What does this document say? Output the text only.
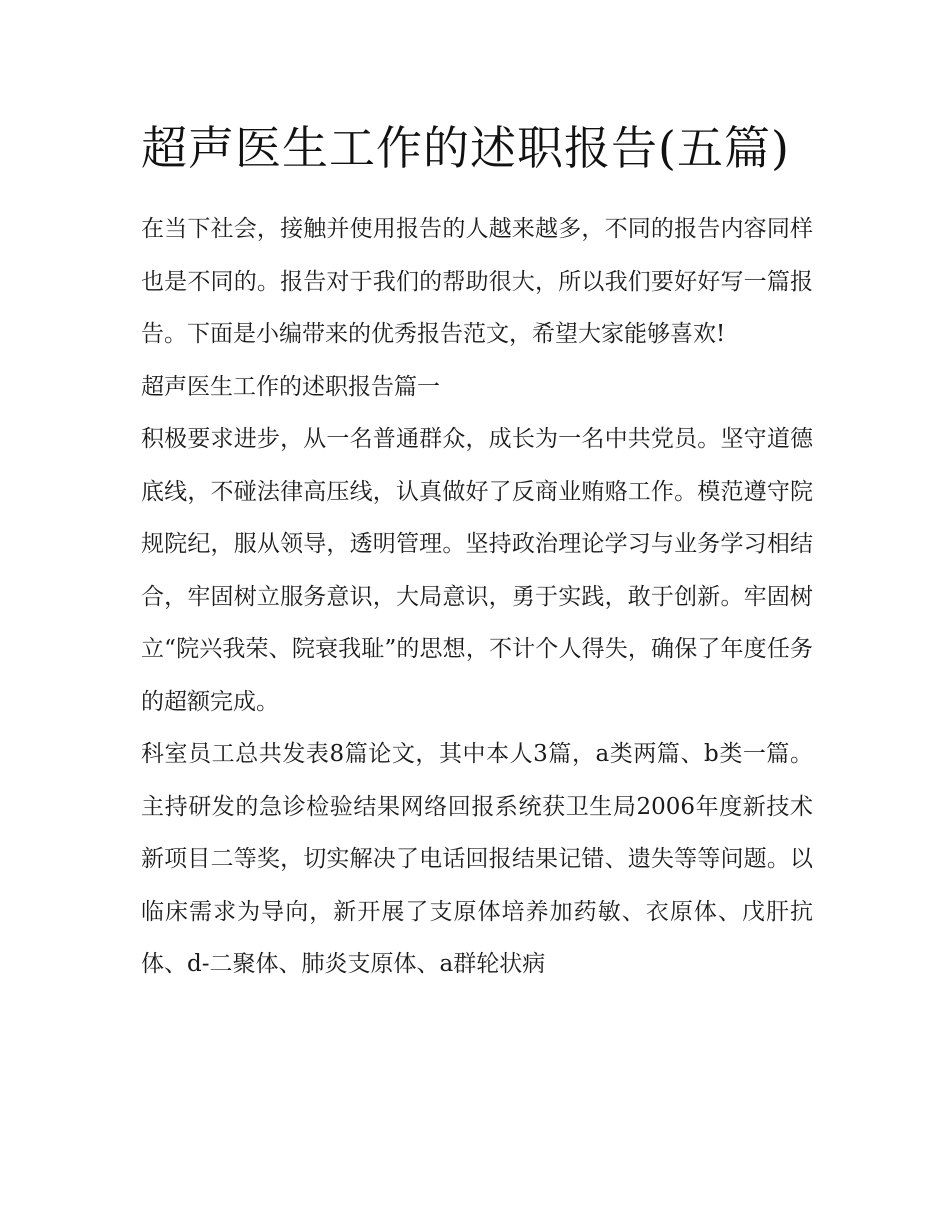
超声医生工作的述职报告(五篇)

在当下社会，接触并使用报告的人越来越多，不同的报告内容同样也是不同的。报告对于我们的帮助很大，所以我们要好好写一篇报告。下面是小编带来的优秀报告范文，希望大家能够喜欢!

超声医生工作的述职报告篇一

积极要求进步，从一名普通群众，成长为一名中共党员。坚守道德底线，不碰法律高压线，认真做好了反商业贿赂工作。模范遵守院规院纪，服从领导，透明管理。坚持政治理论学习与业务学习相结合，牢固树立服务意识，大局意识，勇于实践，敢于创新。牢固树立“院兴我荣、院衰我耻”的思想，不计个人得失，确保了年度任务的超额完成。

科室员工总共发表8篇论文，其中本人3篇，a类两篇、b类一篇。主持研发的急诊检验结果网络回报系统获卫生局2006年度新技术新项目二等奖，切实解决了电话回报结果记错、遗失等等问题。以临床需求为导向，新开展了支原体培养加药敏、衣原体、戊肝抗体、d-二聚体、肺炎支原体、a群轮状病
